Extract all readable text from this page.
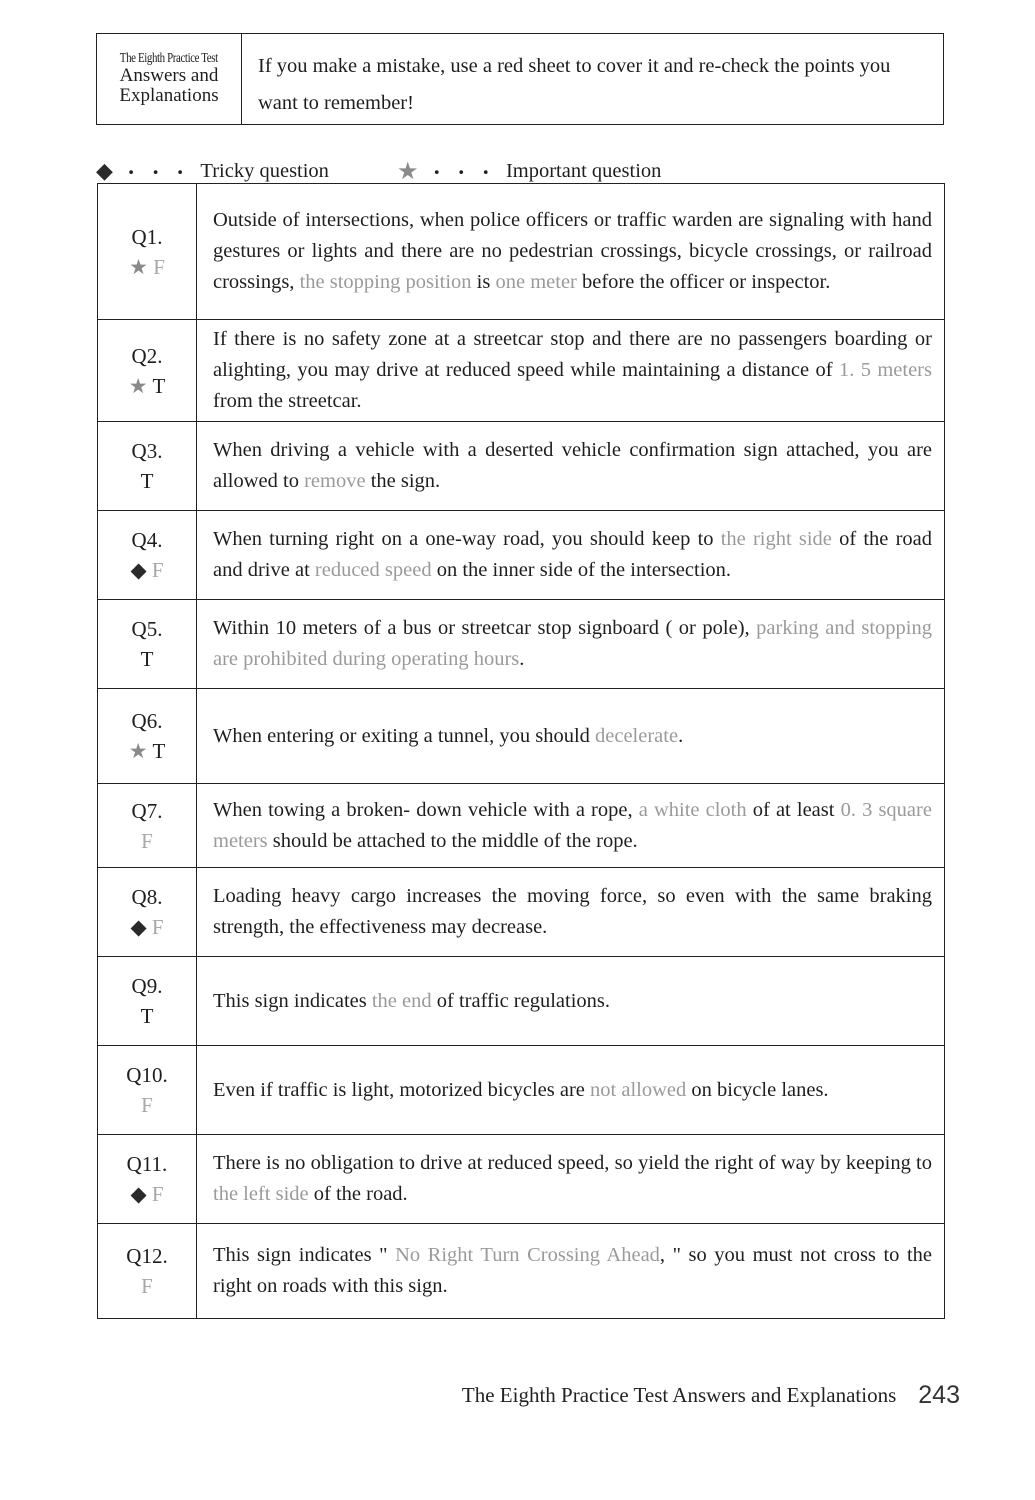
The Eighth Practice Test
Answers and
Explanations
If you make a mistake, use a red sheet to cover it and re-check the points you want to remember!
◆ ・・・ Tricky question	★ ・・・ Important question
Q1.
★ F	Outside of intersections, when police officers or traffic warden are signaling with hand gestures or lights and there are no pedestrian crossings, bicycle crossings, or railroad crossings, the stopping position is one meter before the officer or inspector.

Q2.
★ T	If there is no safety zone at a streetcar stop and there are no passengers boarding or alighting, you may drive at reduced speed while maintaining a distance of 1. 5 meters from the streetcar.

Q3.
T	When driving a vehicle with a deserted vehicle confirmation sign attached, you are allowed to remove the sign.

Q4.
◆ F	When turning right on a one-way road, you should keep to the right side of the road and drive at reduced speed on the inner side of the intersection.

Q5.
T	Within 10 meters of a bus or streetcar stop signboard ( or pole), parking and stopping are prohibited during operating hours.

Q6.
★ T	When entering or exiting a tunnel, you should decelerate.

Q7.
F	When towing a broken- down vehicle with a rope, a white cloth of at least 0. 3 square meters should be attached to the middle of the rope.

Q8.
◆ F	Loading heavy cargo increases the moving force, so even with the same braking strength, the effectiveness may decrease.

Q9.
T	This sign indicates the end of traffic regulations.

Q10.
F	Even if traffic is light, motorized bicycles are not allowed on bicycle lanes.

Q11.
◆ F	There is no obligation to drive at reduced speed, so yield the right of way by keeping to the left side of the road.

Q12.
F	This sign indicates " No Right Turn Crossing Ahead, " so you must not cross to the right on roads with this sign.
The Eighth Practice Test Answers and Explanations 243
